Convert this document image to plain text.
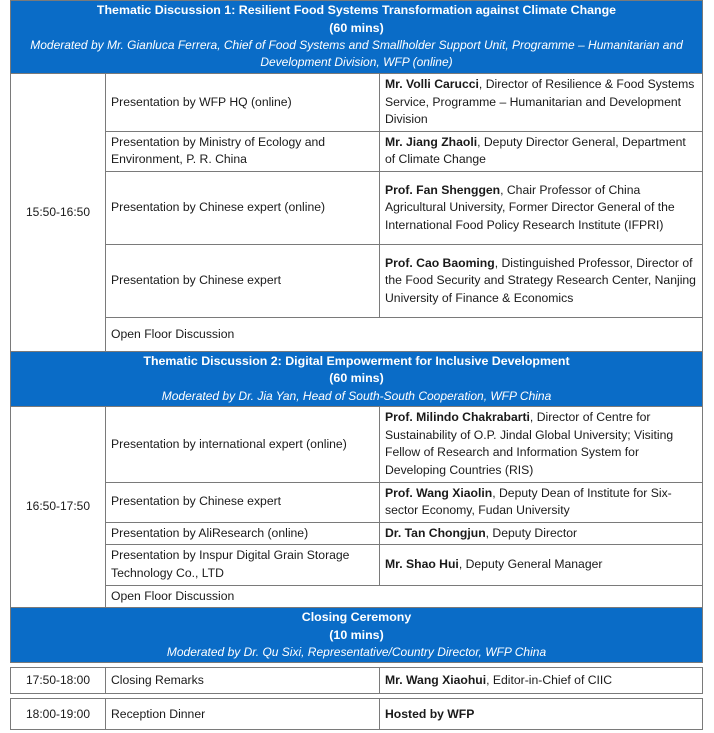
Thematic Discussion 1: Resilient Food Systems Transformation against Climate Change
(60 mins)
Moderated by Mr. Gianluca Ferrera, Chief of Food Systems and Smallholder Support Unit, Programme – Humanitarian and Development Division, WFP (online)		

15:50-16:50	Presentation by WFP HQ (online)	Mr. Volli Carucci, Director of Resilience & Food Systems Service, Programme – Humanitarian and Development Division
	Presentation by Ministry of Ecology and Environment, P. R. China	Mr. Jiang Zhaoli, Deputy Director General, Department of Climate Change
	Presentation by Chinese expert (online)	Prof. Fan Shenggen, Chair Professor of China Agricultural University, Former Director General of the International Food Policy Research Institute (IFPRI)
	Presentation by Chinese expert	Prof. Cao Baoming, Distinguished Professor, Director of the Food Security and Strategy Research Center, Nanjing University of Finance & Economics
	Open Floor Discussion	

Thematic Discussion 2: Digital Empowerment for Inclusive Development
(60 mins)
Moderated by Dr. Jia Yan, Head of South-South Cooperation, WFP China		

16:50-17:50	Presentation by international expert (online)	Prof. Milindo Chakrabarti, Director of Centre for Sustainability of O.P. Jindal Global University; Visiting Fellow of Research and Information System for Developing Countries (RIS)
	Presentation by Chinese expert	Prof. Wang Xiaolin, Deputy Dean of Institute for Six-sector Economy, Fudan University
	Presentation by AliResearch (online)	Dr. Tan Chongjun, Deputy Director
	Presentation by Inspur Digital Grain Storage Technology Co., LTD	Mr. Shao Hui, Deputy General Manager
	Open Floor Discussion	

Closing Ceremony
(10 mins)
Moderated by Dr. Qu Sixi, Representative/Country Director, WFP China		

17:50-18:00	Closing Remarks	Mr. Wang Xiaohui, Editor-in-Chief of CIIC

18:00-19:00	Reception Dinner	Hosted by WFP
